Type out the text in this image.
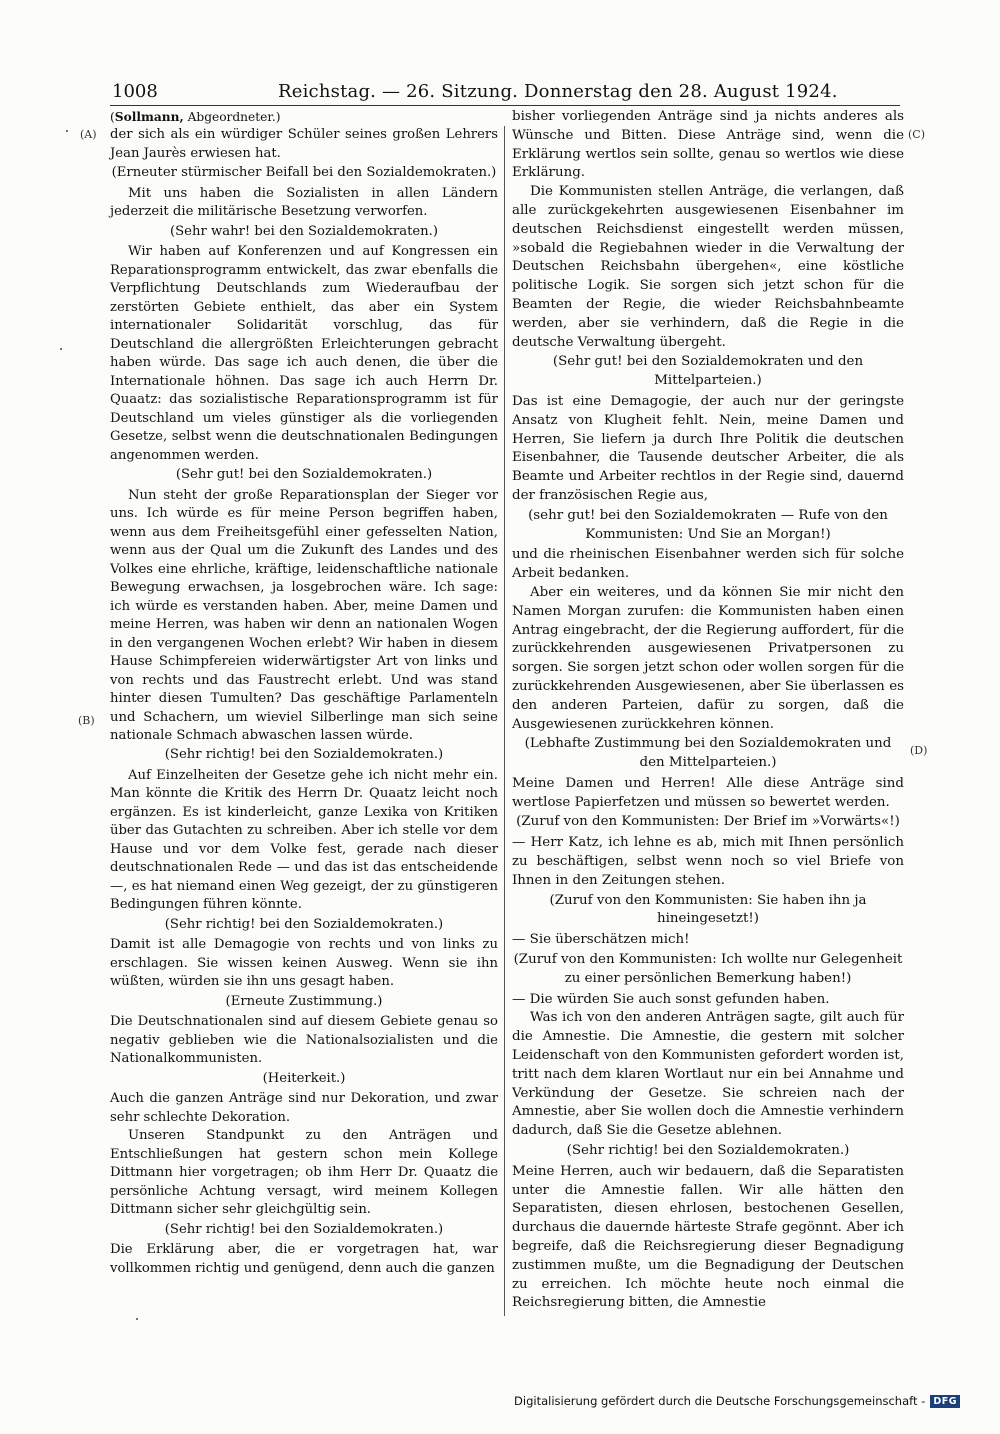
1008	Reichstag. — 26. Sitzung. Donnerstag den 28. August 1924.
(A)
(B)
(C)
(D)

(Sollmann, Abgeordneter.)

der sich als ein würdiger Schüler seines großen Lehrers Jean Jaurès erwiesen hat.

(Erneuter stürmischer Beifall bei den Sozialdemokraten.)

Mit uns haben die Sozialisten in allen Ländern jederzeit die militärische Besetzung verworfen.

(Sehr wahr! bei den Sozialdemokraten.)

Wir haben auf Konferenzen und auf Kongressen ein Reparationsprogramm entwickelt, das zwar ebenfalls die Verpflichtung Deutschlands zum Wiederaufbau der zerstörten Gebiete enthielt, das aber ein System internationaler Solidarität vorschlug, das für Deutschland die allergrößten Erleichterungen gebracht haben würde. Das sage ich auch denen, die über die Internationale höhnen. Das sage ich auch Herrn Dr. Quaatz: das sozialistische Reparationsprogramm ist für Deutschland um vieles günstiger als die vorliegenden Gesetze, selbst wenn die deutschnationalen Bedingungen angenommen werden.

(Sehr gut! bei den Sozialdemokraten.)

Nun steht der große Reparationsplan der Sieger vor uns. Ich würde es für meine Person begriffen haben, wenn aus dem Freiheitsgefühl einer gefesselten Nation, wenn aus der Qual um die Zukunft des Landes und des Volkes eine ehrliche, kräftige, leidenschaftliche nationale Bewegung erwachsen, ja losgebrochen wäre. Ich sage: ich würde es verstanden haben. Aber, meine Damen und meine Herren, was haben wir denn an nationalen Wogen in den vergangenen Wochen erlebt? Wir haben in diesem Hause Schimpfereien widerwärtigster Art von links und von rechts und das Faustrecht erlebt. Und was stand hinter diesen Tumulten? Das geschäftige Parlamenteln und Schachern, um wieviel Silberlinge man sich seine nationale Schmach abwaschen lassen würde.

(Sehr richtig! bei den Sozialdemokraten.)

Auf Einzelheiten der Gesetze gehe ich nicht mehr ein. Man könnte die Kritik des Herrn Dr. Quaatz leicht noch ergänzen. Es ist kinderleicht, ganze Lexika von Kritiken über das Gutachten zu schreiben. Aber ich stelle vor dem Hause und vor dem Volke fest, gerade nach dieser deutschnationalen Rede — und das ist das entscheidende —, es hat niemand einen Weg gezeigt, der zu günstigeren Bedingungen führen könnte.

(Sehr richtig! bei den Sozialdemokraten.)

Damit ist alle Demagogie von rechts und von links zu erschlagen. Sie wissen keinen Ausweg. Wenn sie ihn wüßten, würden sie ihn uns gesagt haben.

(Erneute Zustimmung.)

Die Deutschnationalen sind auf diesem Gebiete genau so negativ geblieben wie die Nationalsozialisten und die Nationalkommunisten.

(Heiterkeit.)

Auch die ganzen Anträge sind nur Dekoration, und zwar sehr schlechte Dekoration.

Unseren Standpunkt zu den Anträgen und Entschließungen hat gestern schon mein Kollege Dittmann hier vorgetragen; ob ihm Herr Dr. Quaatz die persönliche Achtung versagt, wird meinem Kollegen Dittmann sicher sehr gleichgültig sein.

(Sehr richtig! bei den Sozialdemokraten.)

Die Erklärung aber, die er vorgetragen hat, war vollkommen richtig und genügend, denn auch die ganzen

bisher vorliegenden Anträge sind ja nichts anderes als Wünsche und Bitten. Diese Anträge sind, wenn die Erklärung wertlos sein sollte, genau so wertlos wie diese Erklärung.

Die Kommunisten stellen Anträge, die verlangen, daß alle zurückgekehrten ausgewiesenen Eisenbahner im deutschen Reichsdienst eingestellt werden müssen, »sobald die Regiebahnen wieder in die Verwaltung der Deutschen Reichsbahn übergehen«, eine köstliche politische Logik. Sie sorgen sich jetzt schon für die Beamten der Regie, die wieder Reichsbahnbeamte werden, aber sie verhindern, daß die Regie in die deutsche Verwaltung übergeht.

(Sehr gut! bei den Sozialdemokraten und den Mittelparteien.)

Das ist eine Demagogie, der auch nur der geringste Ansatz von Klugheit fehlt. Nein, meine Damen und Herren, Sie liefern ja durch Ihre Politik die deutschen Eisenbahner, die Tausende deutscher Arbeiter, die als Beamte und Arbeiter rechtlos in der Regie sind, dauernd der französischen Regie aus,

(sehr gut! bei den Sozialdemokraten — Rufe von den Kommunisten: Und Sie an Morgan!)

und die rheinischen Eisenbahner werden sich für solche Arbeit bedanken.

Aber ein weiteres, und da können Sie mir nicht den Namen Morgan zurufen: die Kommunisten haben einen Antrag eingebracht, der die Regierung auffordert, für die zurückkehrenden ausgewiesenen Privatpersonen zu sorgen. Sie sorgen jetzt schon oder wollen sorgen für die zurückkehrenden Ausgewiesenen, aber Sie überlassen es den anderen Parteien, dafür zu sorgen, daß die Ausgewiesenen zurückkehren können.

(Lebhafte Zustimmung bei den Sozialdemokraten und den Mittelparteien.)

Meine Damen und Herren! Alle diese Anträge sind wertlose Papierfetzen und müssen so bewertet werden.

(Zuruf von den Kommunisten: Der Brief im »Vorwärts«!)

— Herr Katz, ich lehne es ab, mich mit Ihnen persönlich zu beschäftigen, selbst wenn noch so viel Briefe von Ihnen in den Zeitungen stehen.

(Zuruf von den Kommunisten: Sie haben ihn ja hineingesetzt!)

— Sie überschätzen mich!

(Zuruf von den Kommunisten: Ich wollte nur Gelegenheit zu einer persönlichen Bemerkung haben!)

— Die würden Sie auch sonst gefunden haben.

Was ich von den anderen Anträgen sagte, gilt auch für die Amnestie. Die Amnestie, die gestern mit solcher Leidenschaft von den Kommunisten gefordert worden ist, tritt nach dem klaren Wortlaut nur ein bei Annahme und Verkündung der Gesetze. Sie schreien nach der Amnestie, aber Sie wollen doch die Amnestie verhindern dadurch, daß Sie die Gesetze ablehnen.

(Sehr richtig! bei den Sozialdemokraten.)

Meine Herren, auch wir bedauern, daß die Separatisten unter die Amnestie fallen. Wir alle hätten den Separatisten, diesen ehrlosen, bestochenen Gesellen, durchaus die dauernde härteste Strafe gegönnt. Aber ich begreife, daß die Reichsregierung dieser Begnadigung zustimmen mußte, um die Begnadigung der Deutschen zu erreichen. Ich möchte heute noch einmal die Reichsregierung bitten, die Amnestie

Digitalisierung gefördert durch die Deutsche Forschungsgemeinschaft - DFG
